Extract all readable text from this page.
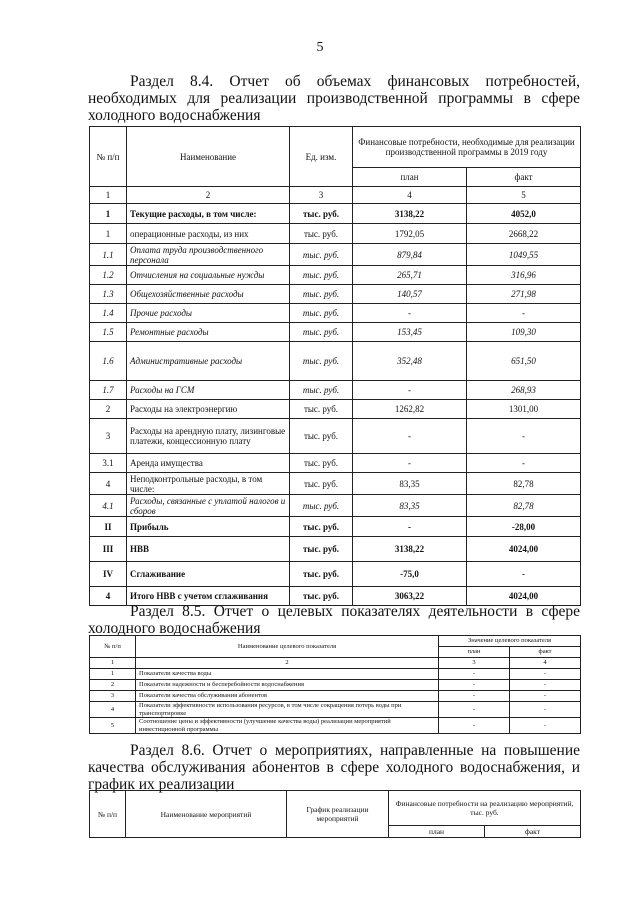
5
Раздел 8.4. Отчет об объемах финансовых потребностей, необходимых для реализации производственной программы в сфере холодного водоснабжения
№ п/п	Наименование	Ед. изм.	Финансовые потребности, необходимые для реализации производственной программы в 2019 году	
			план	факт
1	2	3	4	5
1	Текущие расходы, в том числе:	тыс. руб.	3138,22	4052,0
1	операционные расходы, из них	тыс. руб.	1792,05	2668,22
1.1	Оплата труда производственного персонала	тыс. руб.	879,84	1049,55
1.2	Отчисления на социальные нужды	тыс. руб.	265,71	316,96
1.3	Общехозяйственные расходы	тыс. руб.	140,57	271,98
1.4	Прочие расходы	тыс. руб.	-	-
1.5	Ремонтные расходы	тыс. руб.	153,45	109,30
1.6	Административные расходы	тыс. руб.	352,48	651,50
1.7	Расходы на ГСМ	тыс. руб.	-	268,93
2	Расходы на электроэнергию	тыс. руб.	1262,82	1301,00
3	Расходы на арендную плату, лизинговые платежи, концессионную плату	тыс. руб.	-	-
3.1	Аренда имущества	тыс. руб.	-	-
4	Неподконтрольные расходы, в том числе:	тыс. руб.	83,35	82,78
4.1	Расходы, связанные с уплатой налогов и сборов	тыс. руб.	83,35	82,78
II	Прибыль	тыс. руб.	-	-28,00
III	НВВ	тыс. руб.	3138,22	4024,00
IV	Сглаживание	тыс. руб.	-75,0	-
4	Итого НВВ с учетом сглаживания	тыс. руб.	3063,22	4024,00
Раздел 8.5. Отчет о целевых показателях деятельности в сфере холодного водоснабжения
№ п/п	Наименование целевого показателя	Значение целевого показателя	
		план	факт
1	2	3	4
1	Показатели качества воды	-	-
2	Показатели надежности и бесперебойности водоснабжения	-	-
3	Показатели качества обслуживания абонентов	-	-
4	Показатели эффективности использования ресурсов, в том числе сокращения потерь воды при транспортировке	-	-
5	Соотношение цены и эффективности (улучшение качества воды) реализации мероприятий инвестиционной программы	-	-
Раздел 8.6. Отчет о мероприятиях, направленные на повышение качества обслуживания абонентов в сфере холодного водоснабжения, и график их реализации
№ п/п	Наименование мероприятий	График реализации мероприятий	Финансовые потребности на реализацию мероприятий, тыс. руб.	
			план	факт
